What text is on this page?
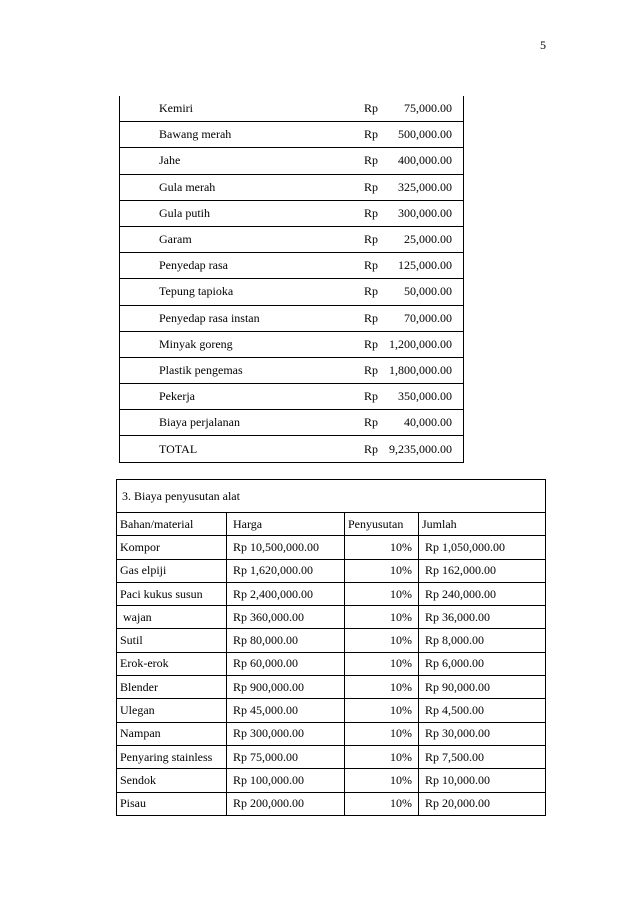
5
Kemiri	Rp	75,000.00
Bawang merah	Rp	500,000.00
Jahe	Rp	400,000.00
Gula merah	Rp	325,000.00
Gula putih	Rp	300,000.00
Garam	Rp	25,000.00
Penyedap rasa	Rp	125,000.00
Tepung tapioka	Rp	50,000.00
Penyedap rasa instan	Rp	70,000.00
Minyak goreng	Rp	1,200,000.00
Plastik pengemas	Rp	1,800,000.00
Pekerja	Rp	350,000.00
Biaya perjalanan	Rp	40,000.00
TOTAL	Rp	9,235,000.00
3. Biaya penyusutan alat			
Bahan/material	Harga	Penyusutan	Jumlah
Kompor	Rp 10,500,000.00	10%	Rp 1,050,000.00
Gas elpiji	Rp 1,620,000.00	10%	Rp 162,000.00
Paci kukus susun	Rp 2,400,000.00	10%	Rp 240,000.00
wajan	Rp 360,000.00	10%	Rp 36,000.00
Sutil	Rp 80,000.00	10%	Rp 8,000.00
Erok-erok	Rp 60,000.00	10%	Rp 6,000.00
Blender	Rp 900,000.00	10%	Rp 90,000.00
Ulegan	Rp 45,000.00	10%	Rp 4,500.00
Nampan	Rp 300,000.00	10%	Rp 30,000.00
Penyaring stainless	Rp 75,000.00	10%	Rp 7,500.00
Sendok	Rp 100,000.00	10%	Rp 10,000.00
Pisau	Rp 200,000.00	10%	Rp 20,000.00
